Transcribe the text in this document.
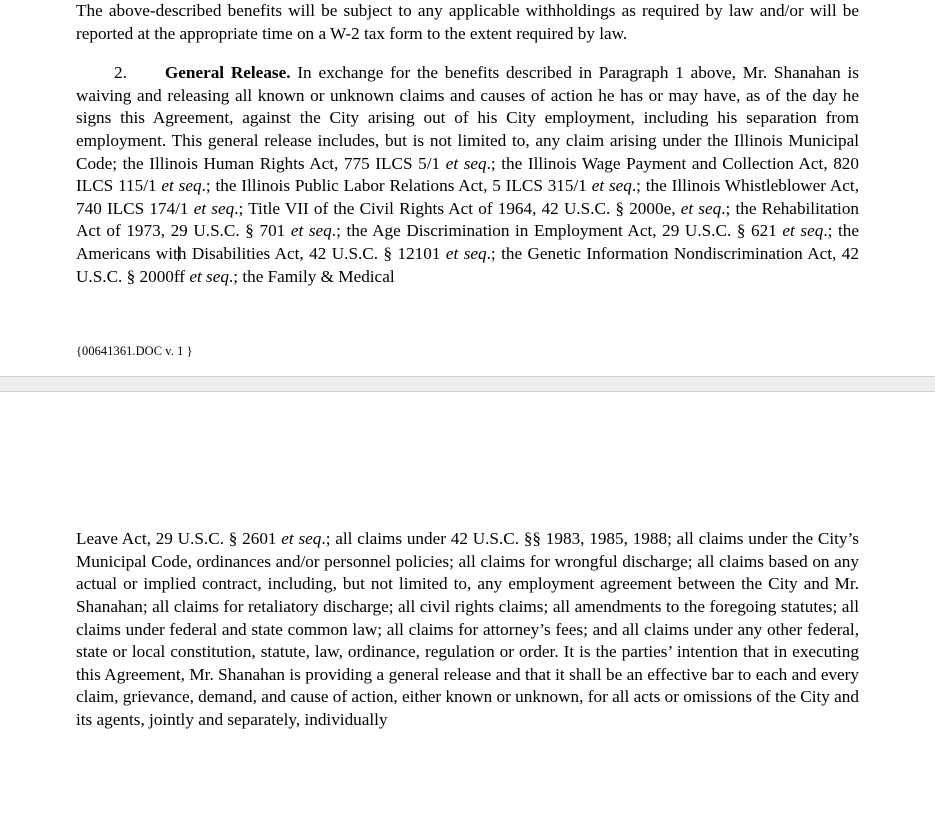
The above-described benefits will be subject to any applicable withholdings as required by law and/or will be reported at the appropriate time on a W-2 tax form to the extent required by law.

2. General Release. In exchange for the benefits described in Paragraph 1 above, Mr. Shanahan is waiving and releasing all known or unknown claims and causes of action he has or may have, as of the day he signs this Agreement, against the City arising out of his City employment, including his separation from employment. This general release includes, but is not limited to, any claim arising under the Illinois Municipal Code; the Illinois Human Rights Act, 775 ILCS 5/1 et seq.; the Illinois Wage Payment and Collection Act, 820 ILCS 115/1 et seq.; the Illinois Public Labor Relations Act, 5 ILCS 315/1 et seq.; the Illinois Whistleblower Act, 740 ILCS 174/1 et seq.; Title VII of the Civil Rights Act of 1964, 42 U.S.C. § 2000e, et seq.; the Rehabilitation Act of 1973, 29 U.S.C. § 701 et seq.; the Age Discrimination in Employment Act, 29 U.S.C. § 621 et seq.; the Americans with Disabilities Act, 42 U.S.C. § 12101 et seq.; the Genetic Information Nondiscrimination Act, 42 U.S.C. § 2000ff et seq.; the Family & Medical

{00641361.DOC v. 1 }

Leave Act, 29 U.S.C. § 2601 et seq.; all claims under 42 U.S.C. §§ 1983, 1985, 1988; all claims under the City’s Municipal Code, ordinances and/or personnel policies; all claims for wrongful discharge; all claims based on any actual or implied contract, including, but not limited to, any employment agreement between the City and Mr. Shanahan; all claims for retaliatory discharge; all civil rights claims; all amendments to the foregoing statutes; all claims under federal and state common law; all claims for attorney’s fees; and all claims under any other federal, state or local constitution, statute, law, ordinance, regulation or order. It is the parties’ intention that in executing this Agreement, Mr. Shanahan is providing a general release and that it shall be an effective bar to each and every claim, grievance, demand, and cause of action, either known or unknown, for all acts or omissions of the City and its agents, jointly and separately, individually
